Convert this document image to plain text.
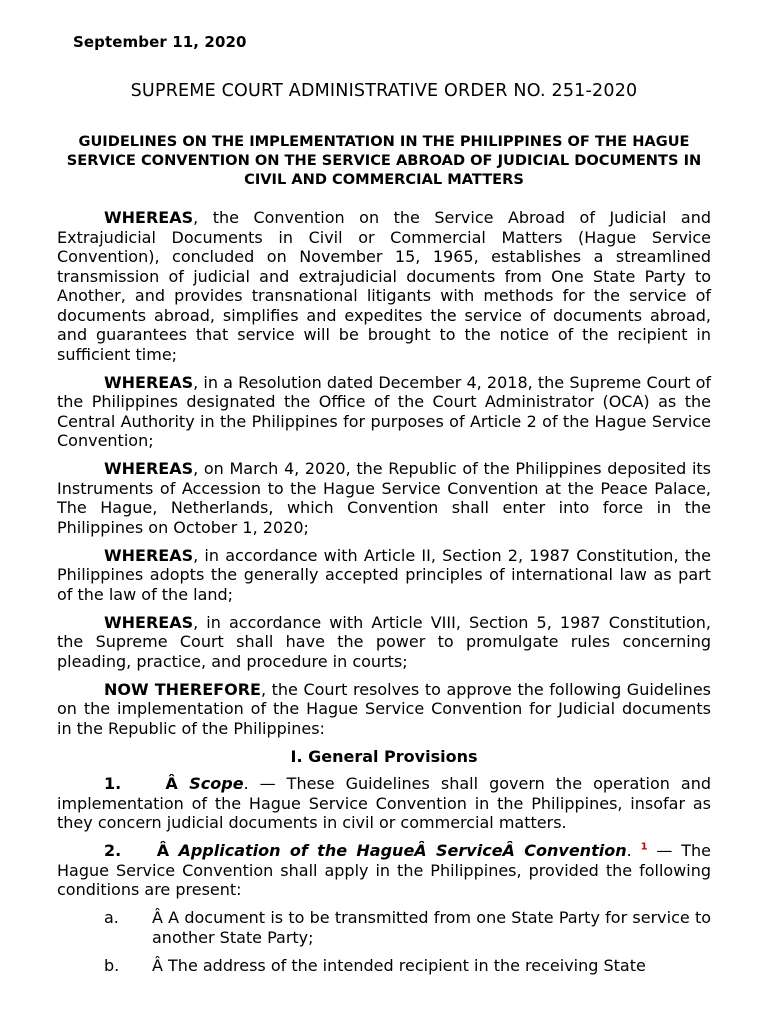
September 11, 2020
SUPREME COURT ADMINISTRATIVE ORDER NO. 251-2020
GUIDELINES ON THE IMPLEMENTATION IN THE PHILIPPINES OF THE HAGUE SERVICE CONVENTION ON THE SERVICE ABROAD OF JUDICIAL DOCUMENTS IN CIVIL AND COMMERCIAL MATTERS

WHEREAS, the Convention on the Service Abroad of Judicial and Extrajudicial Documents in Civil or Commercial Matters (Hague Service Convention), concluded on November 15, 1965, establishes a streamlined transmission of judicial and extrajudicial documents from One State Party to Another, and provides transnational litigants with methods for the service of documents abroad, simplifies and expedites the service of documents abroad, and guarantees that service will be brought to the notice of the recipient in sufficient time;

WHEREAS, in a Resolution dated December 4, 2018, the Supreme Court of the Philippines designated the Office of the Court Administrator (OCA) as the Central Authority in the Philippines for purposes of Article 2 of the Hague Service Convention;

WHEREAS, on March 4, 2020, the Republic of the Philippines deposited its Instruments of Accession to the Hague Service Convention at the Peace Palace, The Hague, Netherlands, which Convention shall enter into force in the Philippines on October 1, 2020;

WHEREAS, in accordance with Article II, Section 2, 1987 Constitution, the Philippines adopts the generally accepted principles of international law as part of the law of the land;

WHEREAS, in accordance with Article VIII, Section 5, 1987 Constitution, the Supreme Court shall have the power to promulgate rules concerning pleading, practice, and procedure in courts;

NOW THEREFORE, the Court resolves to approve the following Guidelines on the implementation of the Hague Service Convention for Judicial documents in the Republic of the Philippines:

I. General Provisions

1.	Â Scope. — These Guidelines shall govern the operation and implementation of the Hague Service Convention in the Philippines, insofar as they concern judicial documents in civil or commercial matters.

2. Â Application of the HagueÂ ServiceÂ Convention. $^1$ — The Hague Service Convention shall apply in the Philippines, provided the following conditions are present:

a.	Â A document is to be transmitted from one State Party for service to another State Party;
b.	Â The address of the intended recipient in the receiving State
